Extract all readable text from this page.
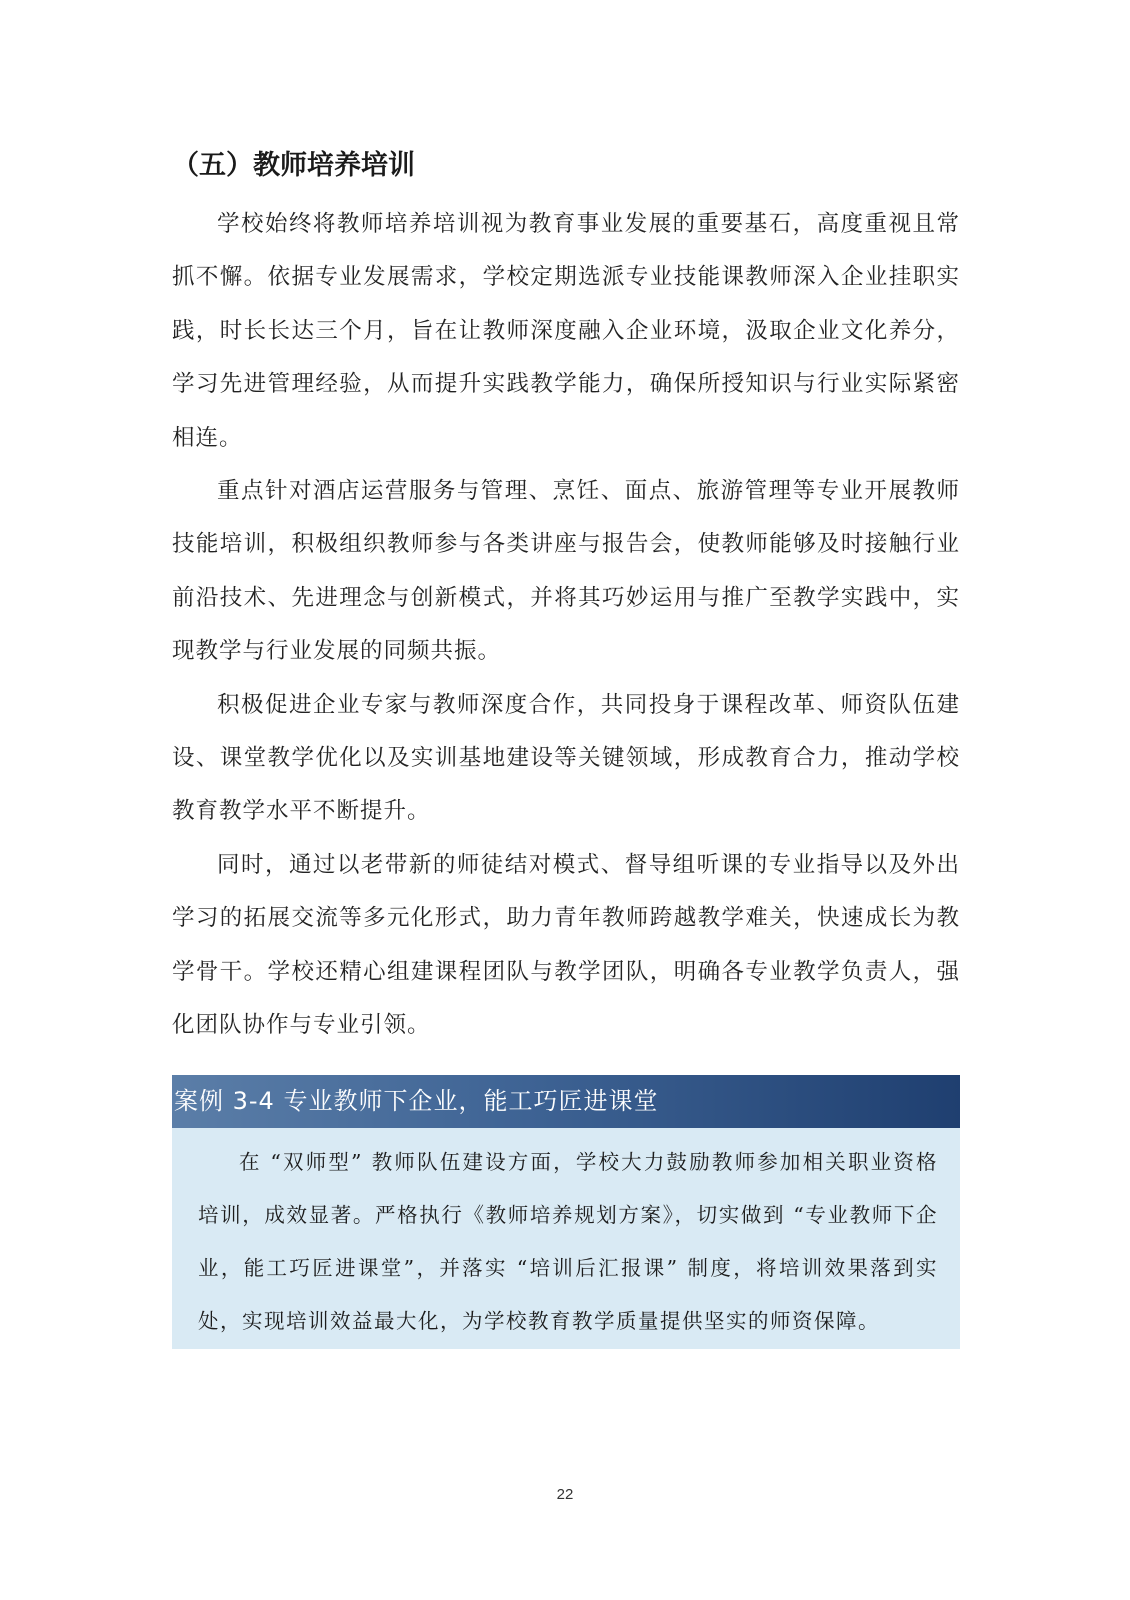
（五）教师培养培训

学校始终将教师培养培训视为教育事业发展的重要基石，高度重视且常抓不懈。依据专业发展需求，学校定期选派专业技能课教师深入企业挂职实践，时长长达三个月，旨在让教师深度融入企业环境，汲取企业文化养分，学习先进管理经验，从而提升实践教学能力，确保所授知识与行业实际紧密相连。

重点针对酒店运营服务与管理、烹饪、面点、旅游管理等专业开展教师技能培训，积极组织教师参与各类讲座与报告会，使教师能够及时接触行业前沿技术、先进理念与创新模式，并将其巧妙运用与推广至教学实践中，实现教学与行业发展的同频共振。

积极促进企业专家与教师深度合作，共同投身于课程改革、师资队伍建设、课堂教学优化以及实训基地建设等关键领域，形成教育合力，推动学校教育教学水平不断提升。

同时，通过以老带新的师徒结对模式、督导组听课的专业指导以及外出学习的拓展交流等多元化形式，助力青年教师跨越教学难关，快速成长为教学骨干。学校还精心组建课程团队与教学团队，明确各专业教学负责人，强化团队协作与专业引领。

案例 3-4 专业教师下企业，能工巧匠进课堂

在 “双师型” 教师队伍建设方面，学校大力鼓励教师参加相关职业资格培训，成效显著。严格执行《教师培养规划方案》，切实做到 “专业教师下企业，能工巧匠进课堂”，并落实 “培训后汇报课” 制度，将培训效果落到实处，实现培训效益最大化，为学校教育教学质量提供坚实的师资保障。

22
